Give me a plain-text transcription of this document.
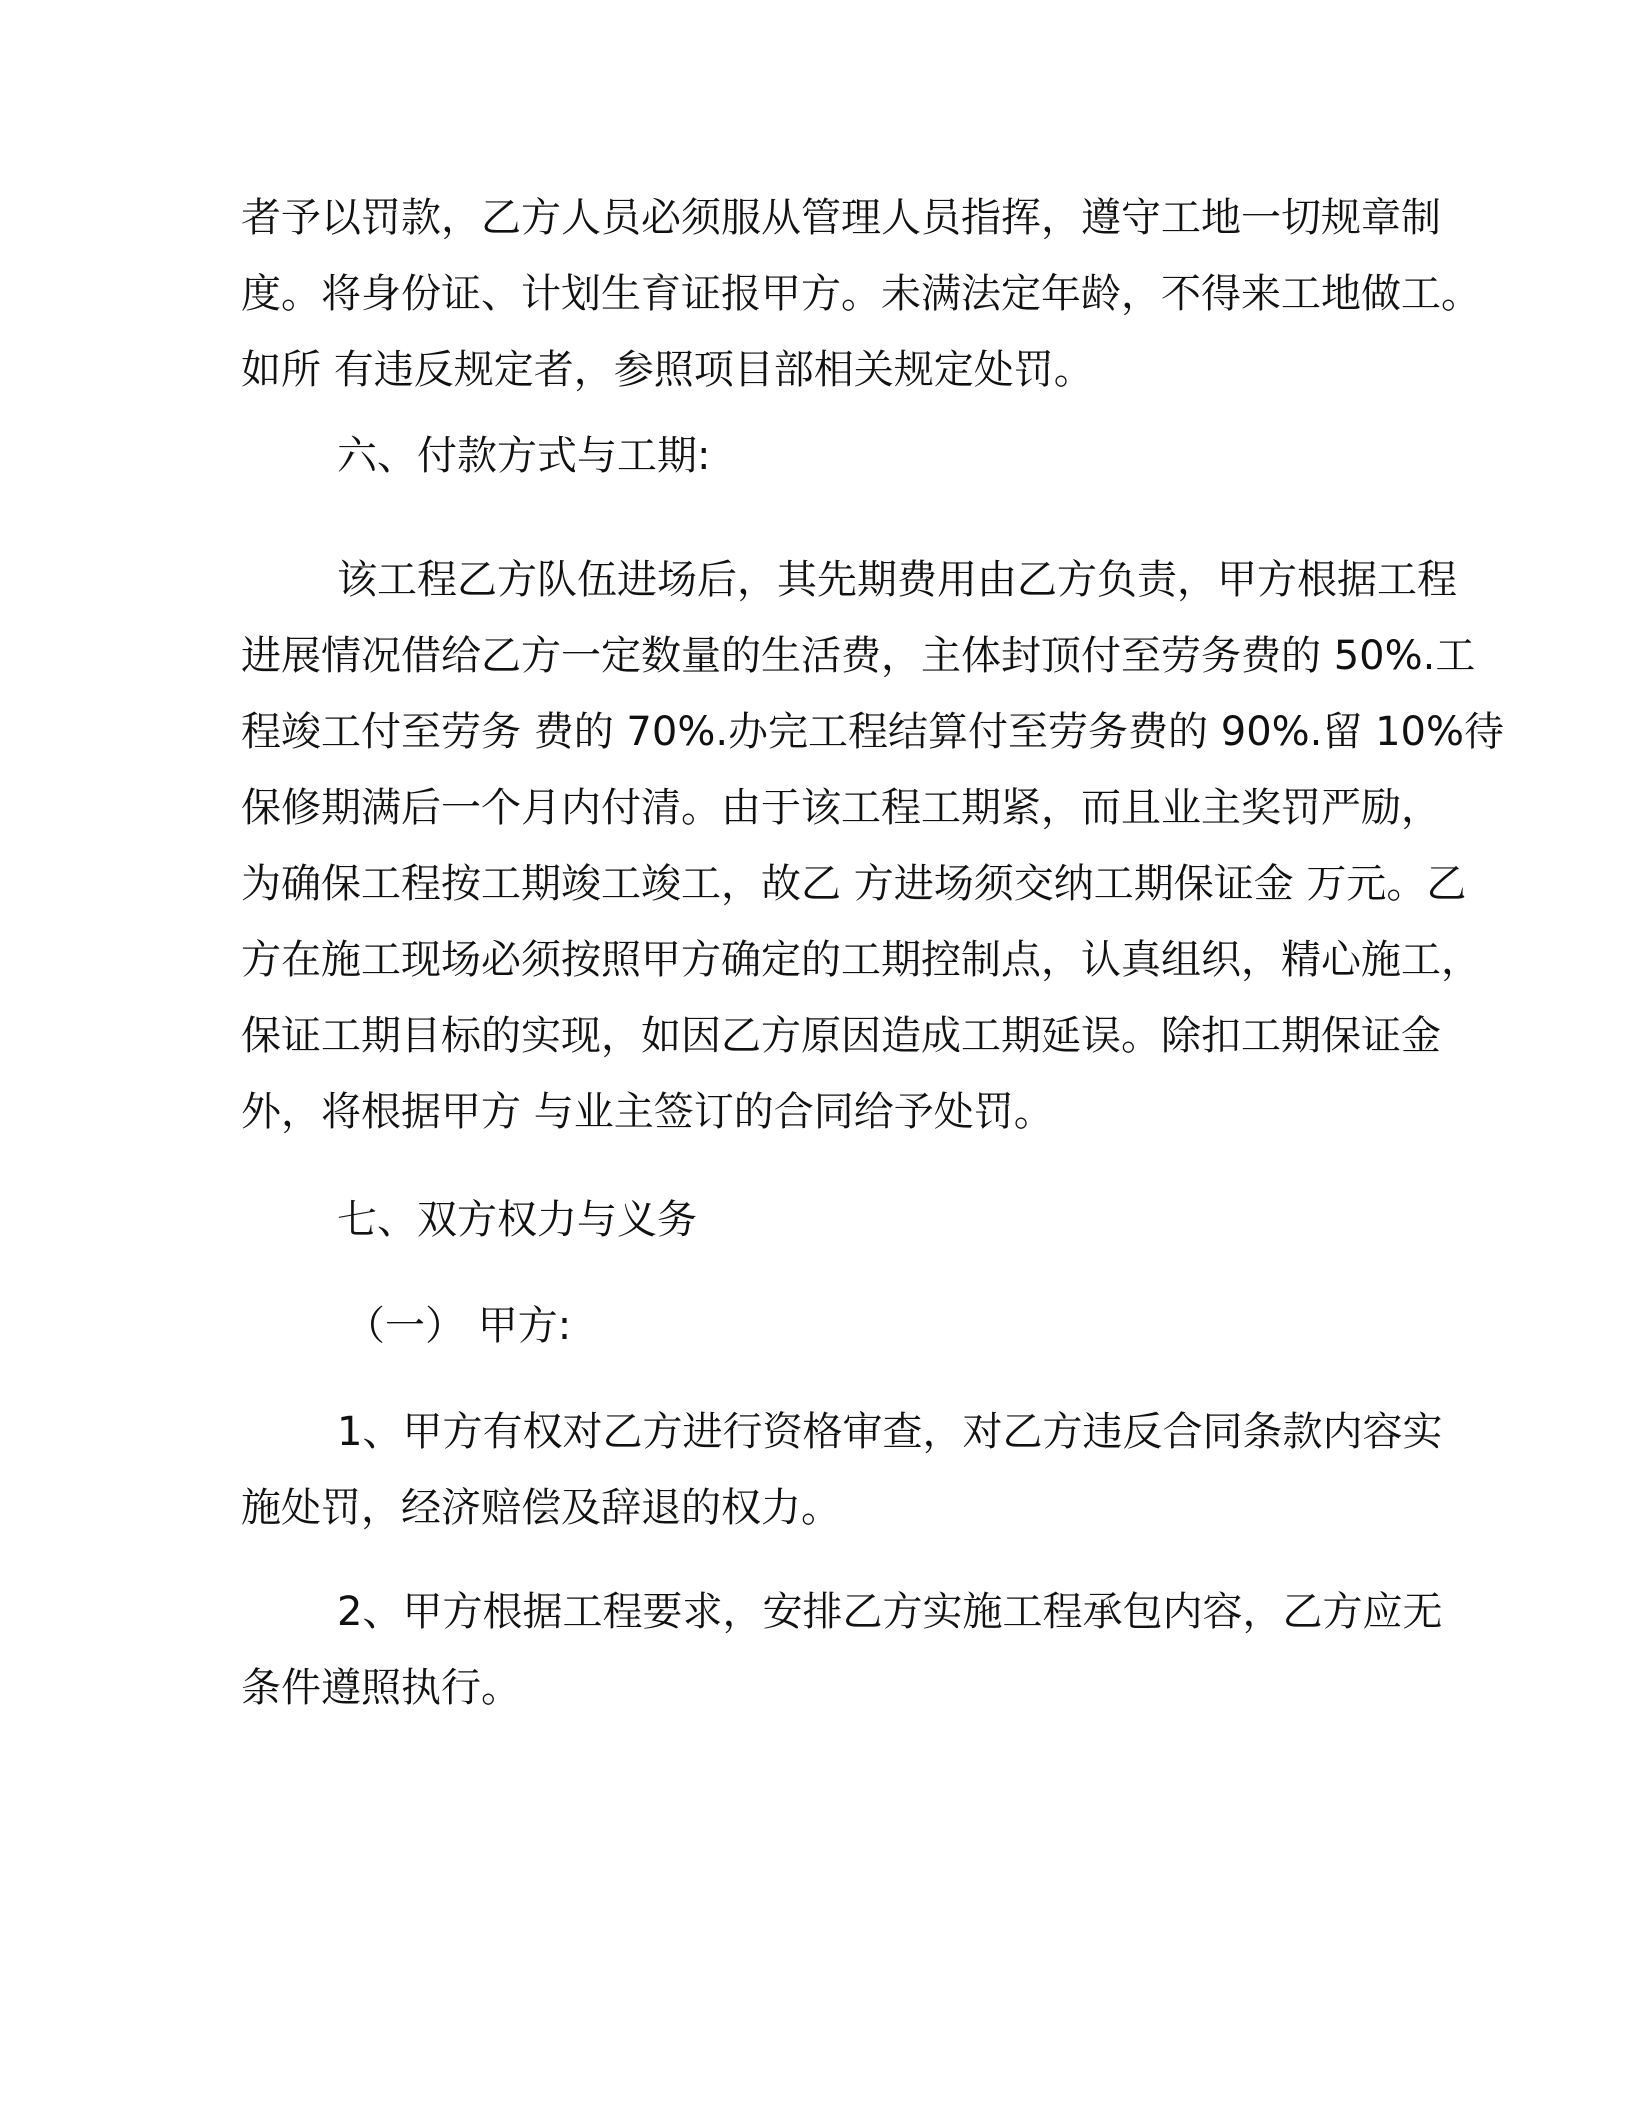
者予以罚款，乙方人员必须服从管理人员指挥，遵守工地一切规章制
度。将身份证、计划生育证报甲方。未满法定年龄，不得来工地做工。
如所 有违反规定者，参照项目部相关规定处罚。
六、付款方式与工期:
该工程乙方队伍进场后，其先期费用由乙方负责，甲方根据工程
进展情况借给乙方一定数量的生活费，主体封顶付至劳务费的 50%.工
程竣工付至劳务 费的 70%.办完工程结算付至劳务费的 90%.留 10%待
保修期满后一个月内付清。由于该工程工期紧，而且业主奖罚严励，
为确保工程按工期竣工竣工，故乙 方进场须交纳工期保证金 万元。乙
方在施工现场必须按照甲方确定的工期控制点，认真组织，精心施工，
保证工期目标的实现，如因乙方原因造成工期延误。除扣工期保证金
外，将根据甲方 与业主签订的合同给予处罚。
七、双方权力与义务
（一） 甲方:
1、甲方有权对乙方进行资格审查，对乙方违反合同条款内容实
施处罚，经济赔偿及辞退的权力。
2、甲方根据工程要求，安排乙方实施工程承包内容，乙方应无
条件遵照执行。
